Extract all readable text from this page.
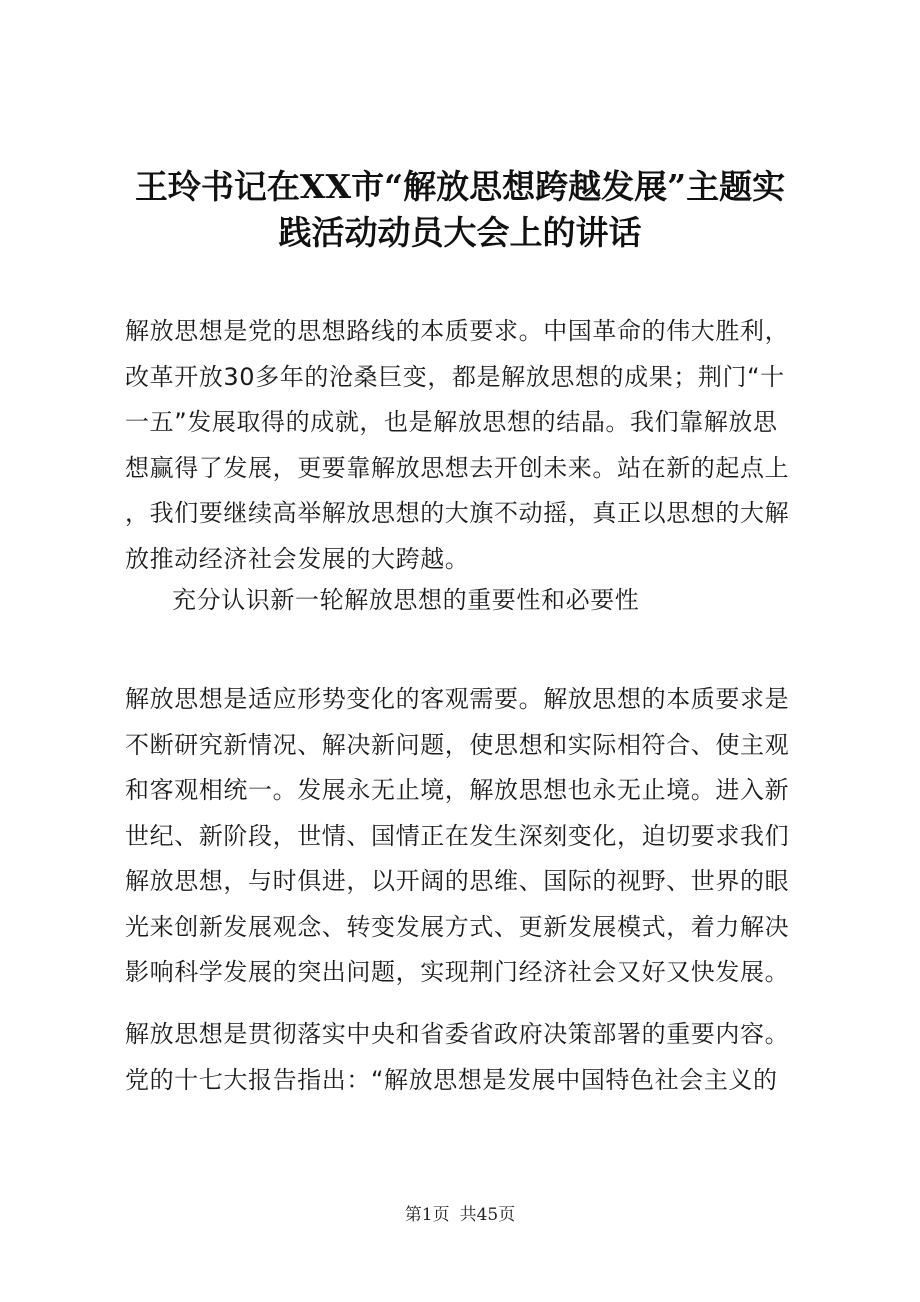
王玲书记在XX市“解放思想跨越发展”主题实
践活动动员大会上的讲话
解放思想是党的思想路线的本质要求。中国革命的伟大胜利，
改革开放30多年的沧桑巨变，都是解放思想的成果；荆门“十
一五”发展取得的成就，也是解放思想的结晶。我们靠解放思
想赢得了发展，更要靠解放思想去开创未来。站在新的起点上
，我们要继续高举解放思想的大旗不动摇，真正以思想的大解
放推动经济社会发展的大跨越。
充分认识新一轮解放思想的重要性和必要性
解放思想是适应形势变化的客观需要。解放思想的本质要求是
不断研究新情况、解决新问题，使思想和实际相符合、使主观
和客观相统一。发展永无止境，解放思想也永无止境。进入新
世纪、新阶段，世情、国情正在发生深刻变化，迫切要求我们
解放思想，与时俱进，以开阔的思维、国际的视野、世界的眼
光来创新发展观念、转变发展方式、更新发展模式，着力解决
影响科学发展的突出问题，实现荆门经济社会又好又快发展。
解放思想是贯彻落实中央和省委省政府决策部署的重要内容。
党的十七大报告指出：“解放思想是发展中国特色社会主义的
第1页 共45页
